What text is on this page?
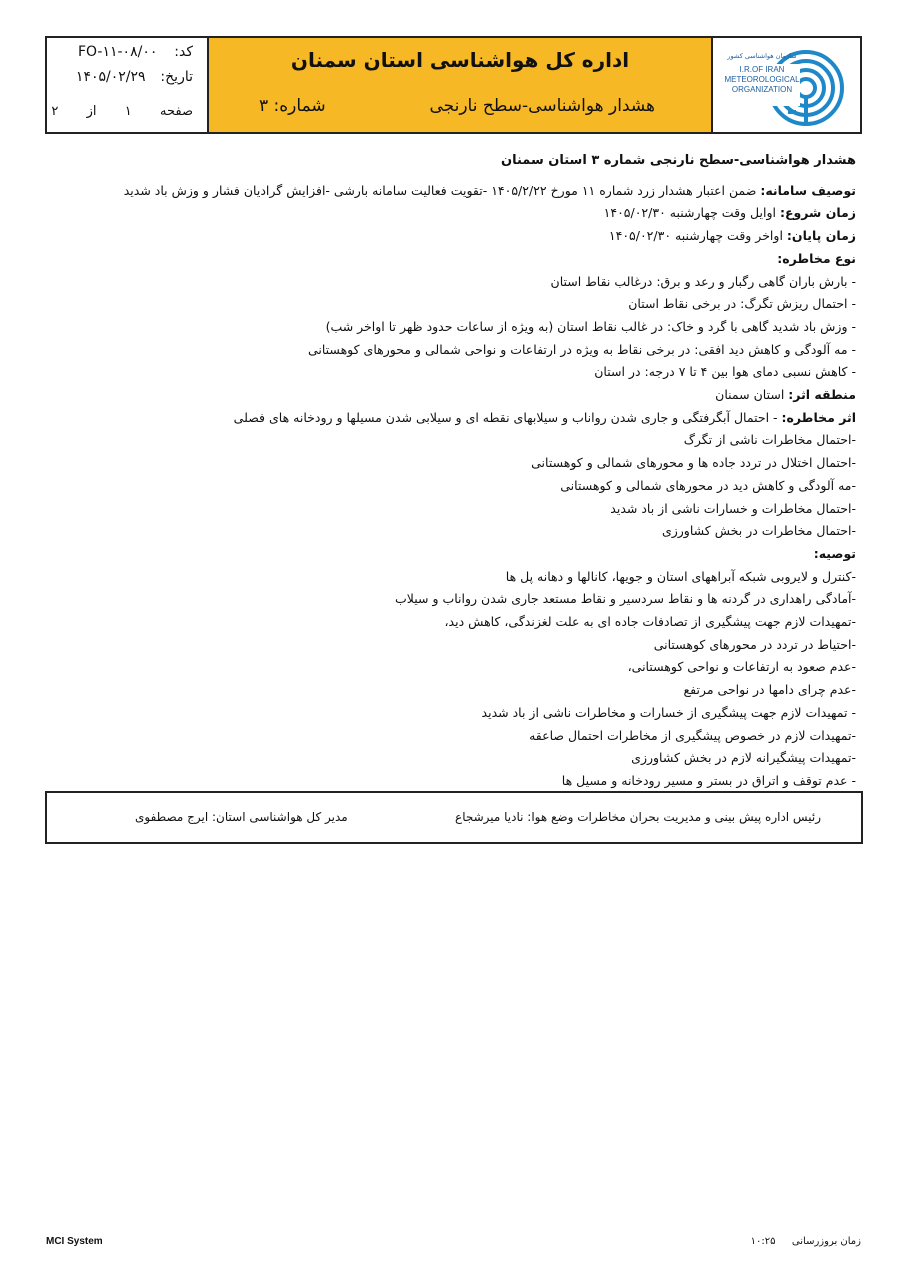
کد:  FO-۱۱-۰۸/۰۰
تاریخ:  ۱۴۰۵/۰۲/۲۹
صفحه  ۱  از  ۲
اداره کل هواشناسی استان سمنان
هشدار هواشناسی-سطح نارنجی
شماره: ۳
سازمان هواشناسی کشور
I.R.OF IRAN
METEOROLOGICAL
ORGANIZATION

هشدار هواشناسی-سطح نارنجی شماره ۳ استان سمنان

توصیف سامانه: ضمن اعتبار هشدار زرد شماره ۱۱ مورخ ۱۴۰۵/۲/۲۲ -تقویت فعالیت سامانه بارشی -افزایش گرادیان فشار و وزش باد شدید

زمان شروع: اوایل وقت چهارشنبه ۱۴۰۵/۰۲/۳۰

زمان پایان: اواخر وقت چهارشنبه ۱۴۰۵/۰۲/۳۰

نوع مخاطره:

- بارش باران گاهی رگبار و رعد و برق: درغالب نقاط استان

- احتمال ریزش تگرگ: در برخی نقاط استان

- وزش باد شدید گاهی با گرد و خاک: در غالب نقاط استان (به ویژه از ساعات حدود ظهر تا اواخر شب)

- مه آلودگی و کاهش دید افقی: در برخی نقاط به ویژه در ارتفاعات و نواحی شمالی و محورهای کوهستانی

- کاهش نسبی دمای هوا بین ۴ تا ۷ درجه: در استان

منطقه اثر: استان سمنان

اثر مخاطره: - احتمال آبگرفتگی و جاری شدن رواناب و سیلابهای نقطه ای و سیلابی شدن مسیلها و رودخانه های فصلی

-احتمال مخاطرات ناشی از تگرگ

-احتمال اختلال در تردد جاده ها و محورهای شمالی و کوهستانی

-مه آلودگی و کاهش دید در محورهای شمالی و کوهستانی

-احتمال مخاطرات و خسارات ناشی از باد شدید

-احتمال مخاطرات در بخش کشاورزی

توصیه:

-کنترل و لایروبی شبکه آبراههای استان و جویها، کانالها و دهانه پل ها

-آمادگی راهداری در گردنه ها و نقاط سردسیر و نقاط مستعد جاری شدن رواناب و سیلاب

-تمهیدات لازم جهت پیشگیری از تصادفات جاده ای به علت لغزندگی، کاهش دید،

-احتیاط در تردد در محورهای کوهستانی

-عدم صعود به ارتفاعات و نواحی کوهستانی،

-عدم چرای دامها در نواحی مرتفع

- تمهیدات لازم جهت پیشگیری از خسارات و مخاطرات ناشی از باد شدید

-تمهیدات لازم در خصوص پیشگیری از مخاطرات احتمال صاعقه

-تمهیدات پیشگیرانه لازم در بخش کشاورزی

- عدم توقف و اتراق در بستر و مسیر رودخانه و مسیل ها

رئیس اداره پیش بینی و مدیریت بحران مخاطرات وضع هوا: نادیا میرشجاع
مدیر کل هواشناسی استان: ایرج مصطفوی
MCI System	زمان بروزرسانی  ۱۰:۲۵
